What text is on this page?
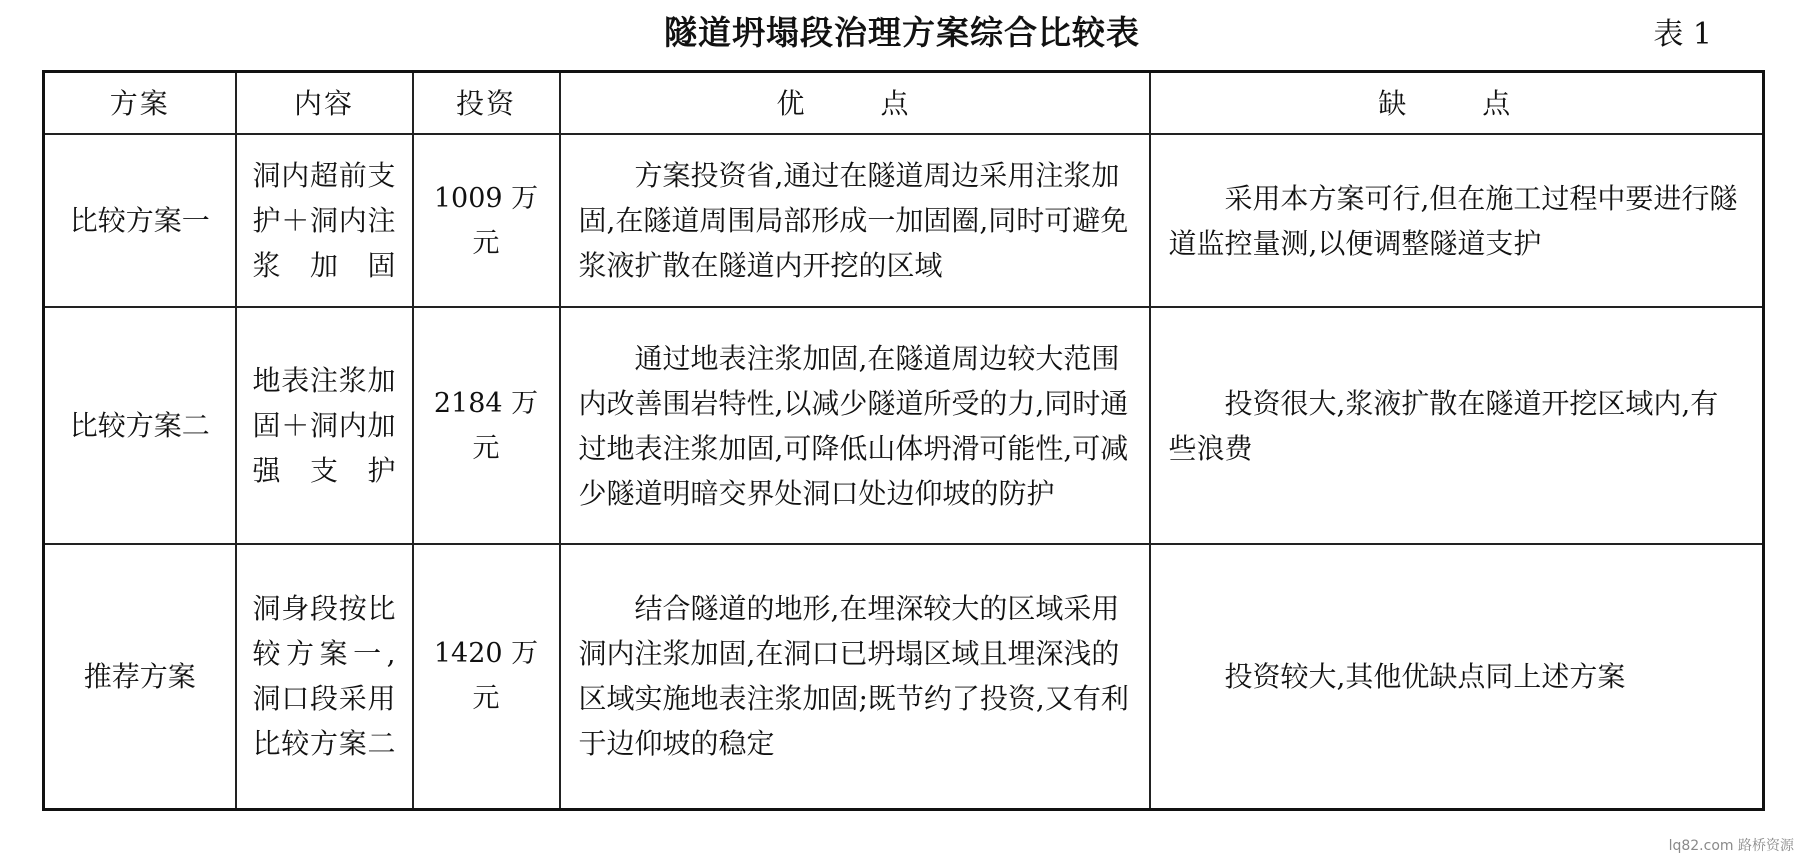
隧道坍塌段治理方案综合比较表	表 1
方案	内容	投资	优　点	缺　点
比较方案一	洞内超前支护＋洞内注浆加固	1009 万元	方案投资省,通过在隧道周边采用注浆加固,在隧道周围局部形成一加固圈,同时可避免浆液扩散在隧道内开挖的区域	采用本方案可行,但在施工过程中要进行隧道监控量测,以便调整隧道支护
比较方案二	地表注浆加固＋洞内加强支护	2184 万元	通过地表注浆加固,在隧道周边较大范围内改善围岩特性,以减少隧道所受的力,同时通过地表注浆加固,可降低山体坍滑可能性,可减少隧道明暗交界处洞口处边仰坡的防护	投资很大,浆液扩散在隧道开挖区域内,有些浪费
推荐方案	洞身段按比较方案一,洞口段采用比较方案二	1420 万元	结合隧道的地形,在埋深较大的区域采用洞内注浆加固,在洞口已坍塌区域且埋深浅的区域实施地表注浆加固;既节约了投资,又有利于边仰坡的稳定	投资较大,其他优缺点同上述方案
lq82.com 路桥资源
